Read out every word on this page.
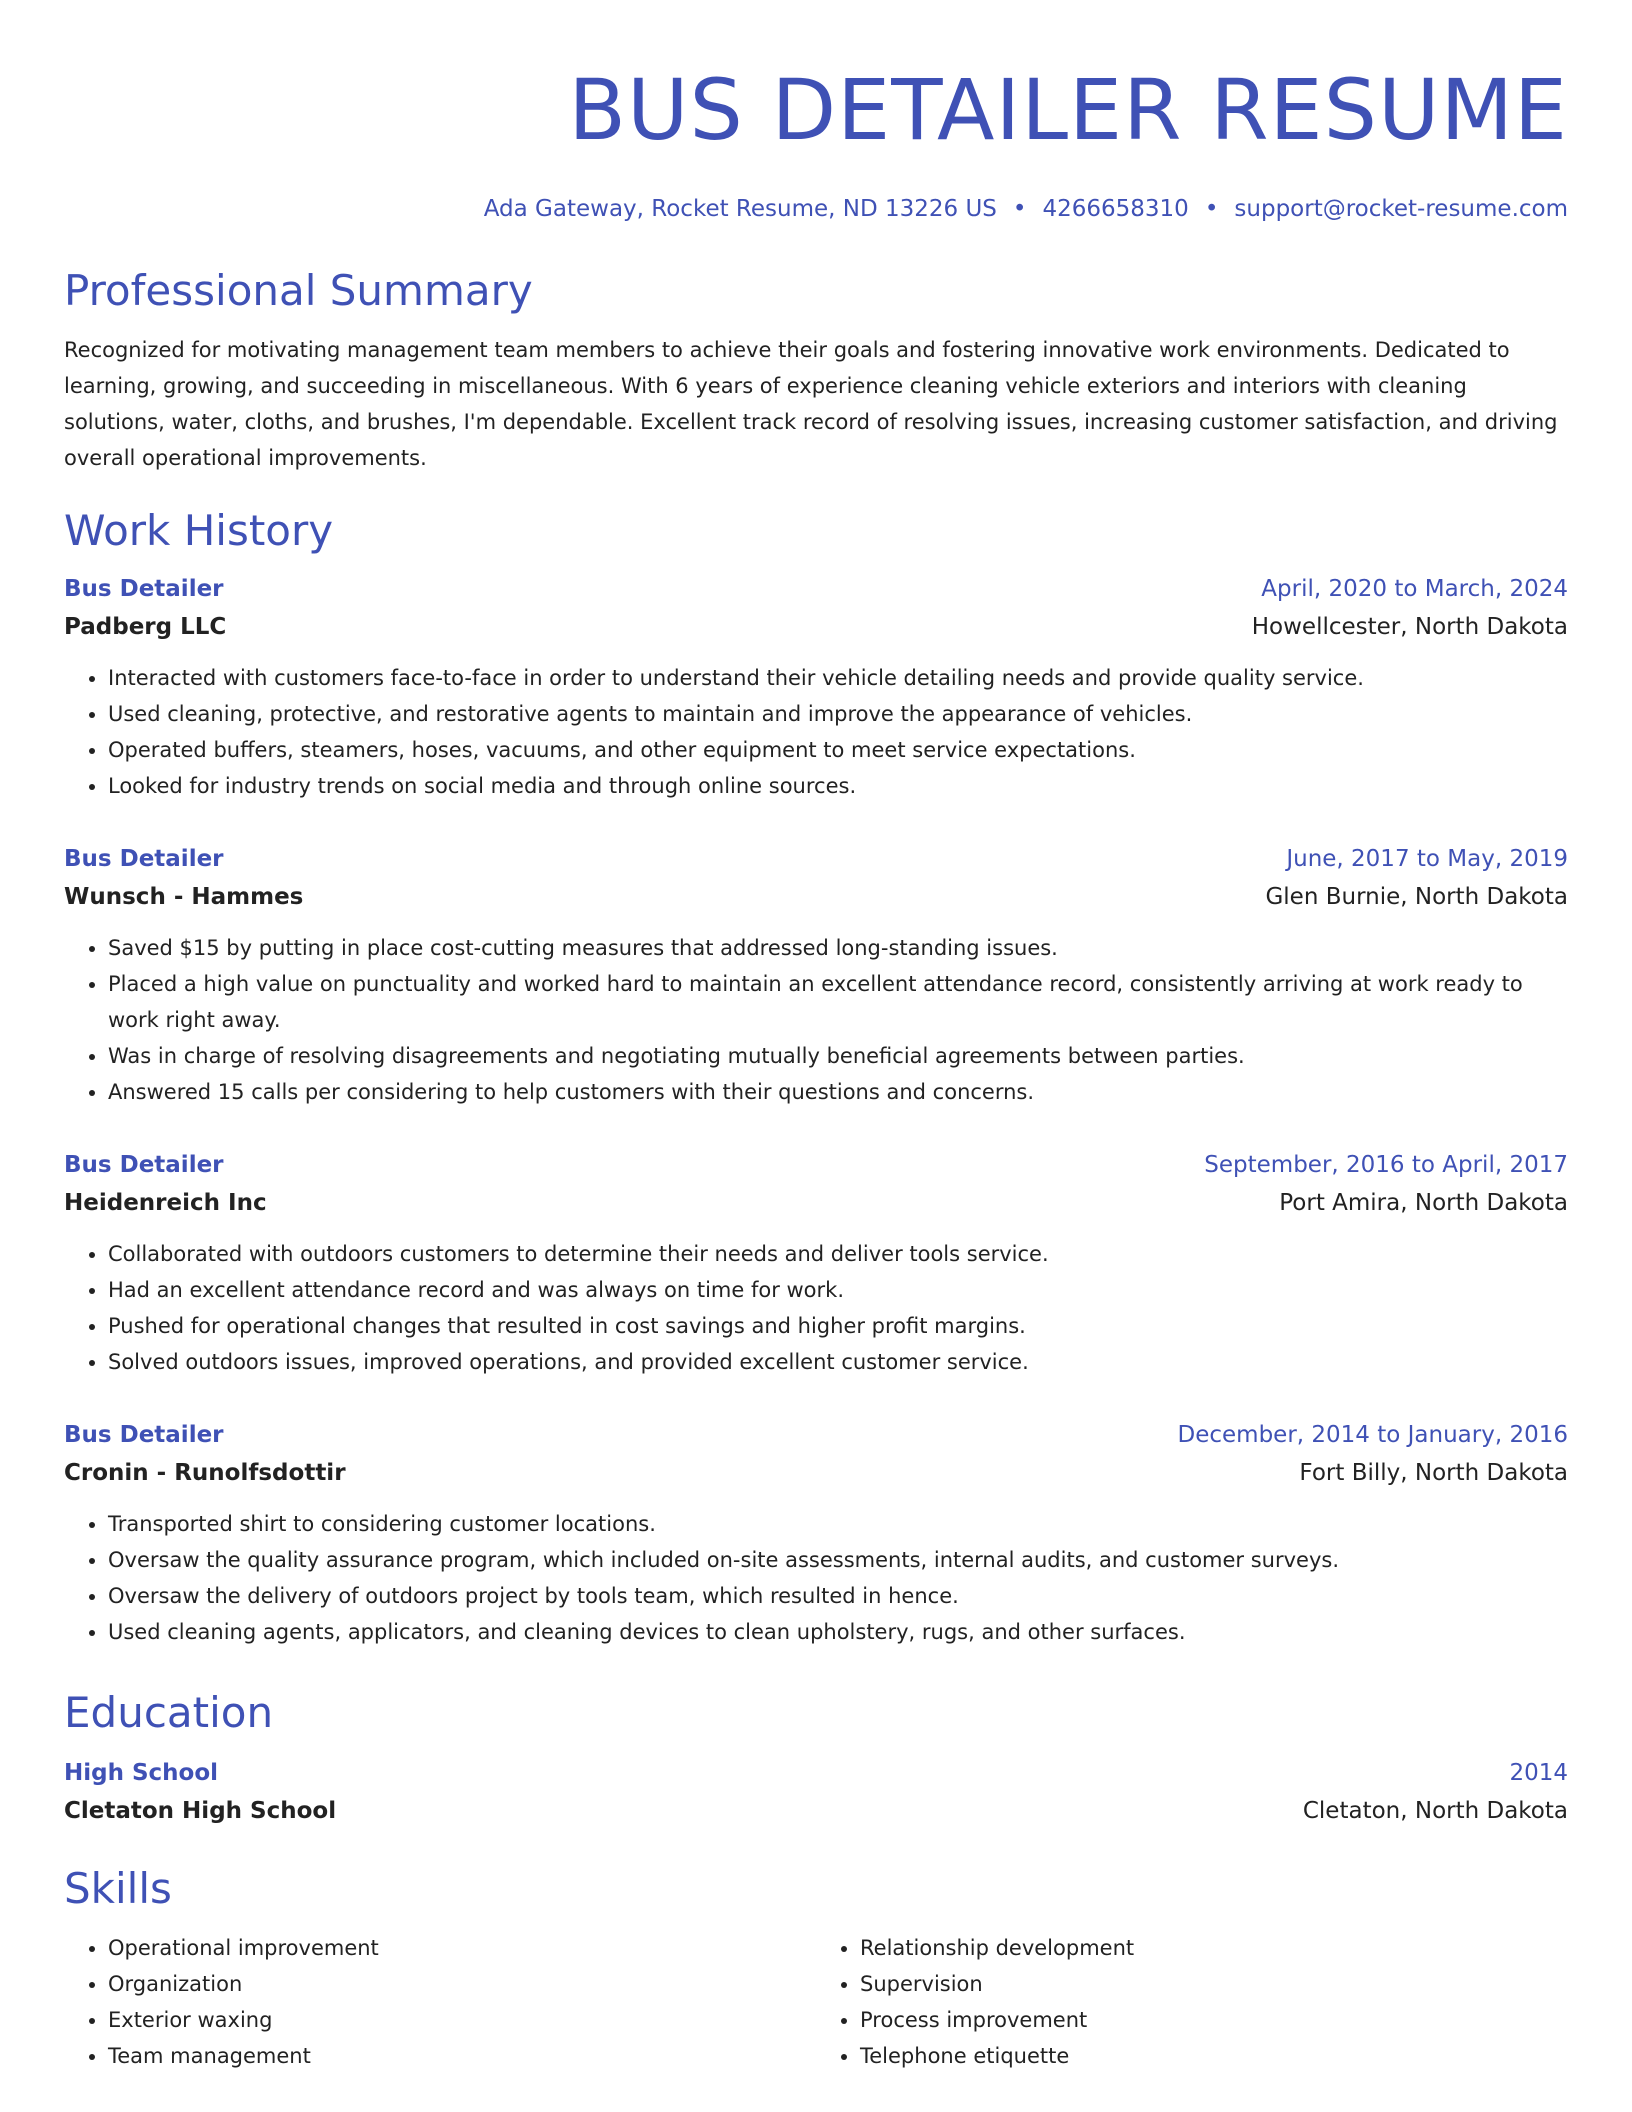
BUS DETAILER RESUME
Ada Gateway, Rocket Resume, ND 13226 US • 4266658310 • support@rocket-resume.com
Professional Summary
Recognized for motivating management team members to achieve their goals and fostering innovative work environments. Dedicated to learning, growing, and succeeding in miscellaneous. With 6 years of experience cleaning vehicle exteriors and interiors with cleaning solutions, water, cloths, and brushes, I'm dependable. Excellent track record of resolving issues, increasing customer satisfaction, and driving overall operational improvements.
Work History
Bus Detailer	April, 2020 to March, 2024
Padberg LLC	Howellcester, North Dakota
• Interacted with customers face-to-face in order to understand their vehicle detailing needs and provide quality service.
• Used cleaning, protective, and restorative agents to maintain and improve the appearance of vehicles.
• Operated buffers, steamers, hoses, vacuums, and other equipment to meet service expectations.
• Looked for industry trends on social media and through online sources.
Bus Detailer	June, 2017 to May, 2019
Wunsch - Hammes	Glen Burnie, North Dakota
• Saved $15 by putting in place cost-cutting measures that addressed long-standing issues.
• Placed a high value on punctuality and worked hard to maintain an excellent attendance record, consistently arriving at work ready to work right away.
• Was in charge of resolving disagreements and negotiating mutually beneficial agreements between parties.
• Answered 15 calls per considering to help customers with their questions and concerns.
Bus Detailer	September, 2016 to April, 2017
Heidenreich Inc	Port Amira, North Dakota
• Collaborated with outdoors customers to determine their needs and deliver tools service.
• Had an excellent attendance record and was always on time for work.
• Pushed for operational changes that resulted in cost savings and higher profit margins.
• Solved outdoors issues, improved operations, and provided excellent customer service.
Bus Detailer	December, 2014 to January, 2016
Cronin - Runolfsdottir	Fort Billy, North Dakota
• Transported shirt to considering customer locations.
• Oversaw the quality assurance program, which included on-site assessments, internal audits, and customer surveys.
• Oversaw the delivery of outdoors project by tools team, which resulted in hence.
• Used cleaning agents, applicators, and cleaning devices to clean upholstery, rugs, and other surfaces.
Education
High School	2014
Cletaton High School	Cletaton, North Dakota
Skills
• Operational improvement
• Organization
• Exterior waxing
• Team management
• Relationship development
• Supervision
• Process improvement
• Telephone etiquette
